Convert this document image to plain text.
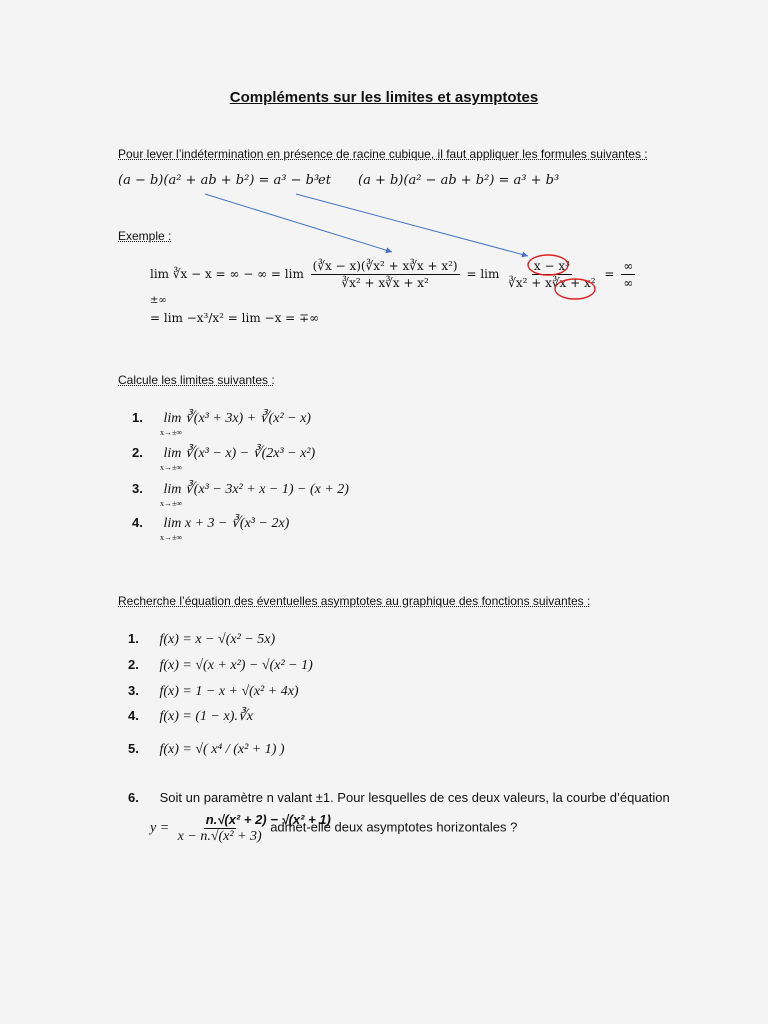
Compléments sur les limites et asymptotes
Pour lever l’indétermination en présence de racine cubique, il faut appliquer les formules suivantes :
(a − b)(a² + ab + b²) = a³ − b³
et (a + b)(a² − ab + b²) = a³ + b³
Exemple :
lim ∛x − x = ∞ − ∞ = $\lim \frac{\text{(∛x − x)(∛x² + x∛x + x²)}}{\text{∛x² + x∛x + x²}} = \lim \frac{\text{x − x³}}{\text{∛x² + x∛x + x²}} = \frac{\infty}{\infty}$
±∞
= lim −x³/x² = lim −x = ∓∞
Calcule les limites suivantes :
1. lim ∛(x³ + 3x) + ∛(x² − x)
x→±∞
2. lim ∛(x³ − x) − ∛(2x³ − x²)
x→±∞
3. lim ∛(x³ − 3x² + x − 1) − (x + 2)
x→±∞
4. lim x + 3 − ∛(x³ − 2x)
x→±∞
Recherche l’équation des éventuelles asymptotes au graphique des fonctions suivantes :
1. f(x) = x − √(x² − 5x)
2. f(x) = √(x + x²) − √(x² − 1)
3. f(x) = 1 − x + √(x² + 4x)
4. f(x) = (1 − x).∛x
5. f(x) = √( x⁴ / (x² + 1) )
6. Soit un paramètre n valant ±1. Pour lesquelles de ces deux valeurs, la courbe d’équation
$y = \frac{\text{n.√(x² + 2) − √(x² + 1)}}{\text{x − n.√(x² + 3)}}$ admet-elle deux asymptotes horizontales ?
